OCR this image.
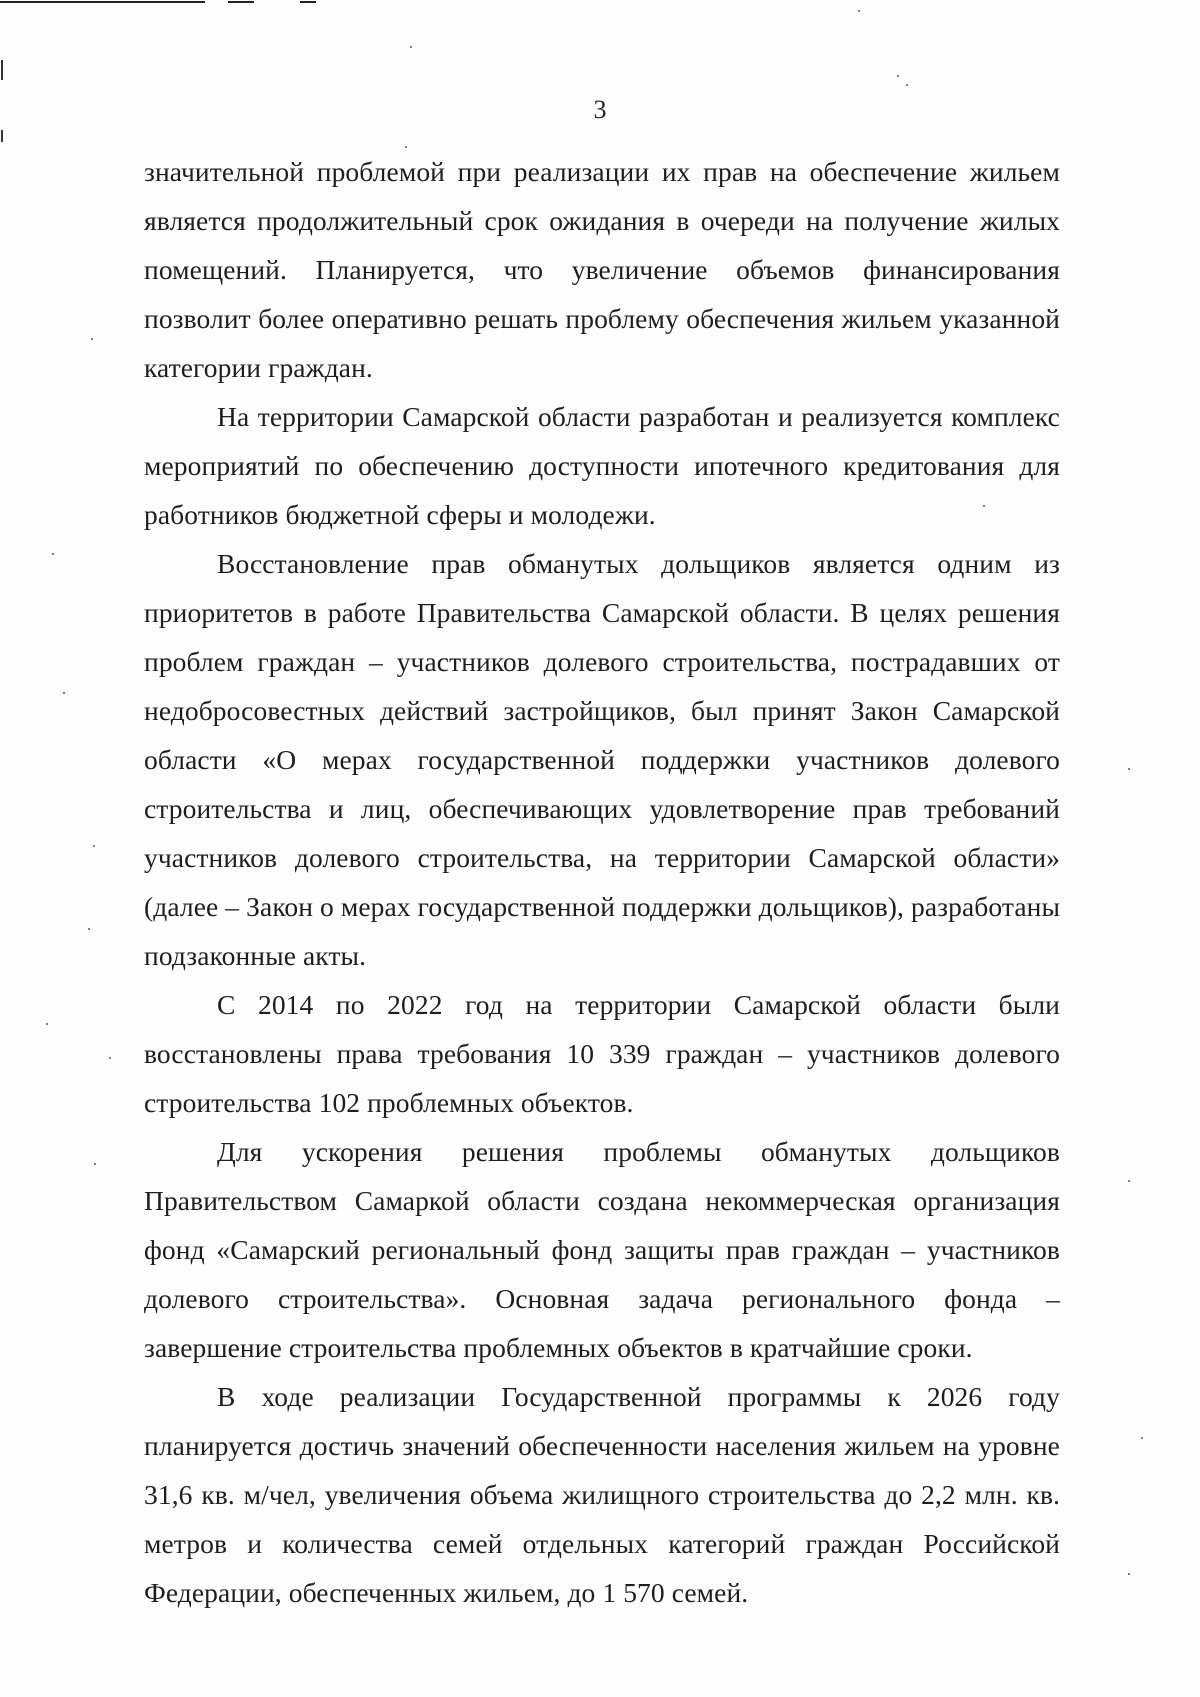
3

значительной проблемой при реализации их прав на обеспечение жильем является продолжительный срок ожидания в очереди на получение жилых помещений. Планируется, что увеличение объемов финансирования позволит более оперативно решать проблему обеспечения жильем указанной категории граждан.

На территории Самарской области разработан и реализуется комплекс мероприятий по обеспечению доступности ипотечного кредитования для работников бюджетной сферы и молодежи.

Восстановление прав обманутых дольщиков является одним из приоритетов в работе Правительства Самарской области. В целях решения проблем граждан – участников долевого строительства, пострадавших от недобросовестных действий застройщиков, был принят Закон Самарской области «О мерах государственной поддержки участников долевого строительства и лиц, обеспечивающих удовлетворение прав требований участников долевого строительства, на территории Самарской области» (далее – Закон о мерах государственной поддержки дольщиков), разработаны подзаконные акты.

С 2014 по 2022 год на территории Самарской области были восстановлены права требования 10 339 граждан – участников долевого строительства 102 проблемных объектов.

Для ускорения решения проблемы обманутых дольщиков Правительством Самаркой области создана некоммерческая организация фонд «Самарский региональный фонд защиты прав граждан – участников долевого строительства». Основная задача регионального фонда – завершение строительства проблемных объектов в кратчайшие сроки.

В ходе реализации Государственной программы к 2026 году планируется достичь значений обеспеченности населения жильем на уровне 31,6 кв. м/чел, увеличения объема жилищного строительства до 2,2 млн. кв. метров и количества семей отдельных категорий граждан Российской Федерации, обеспеченных жильем, до 1 570 семей.
